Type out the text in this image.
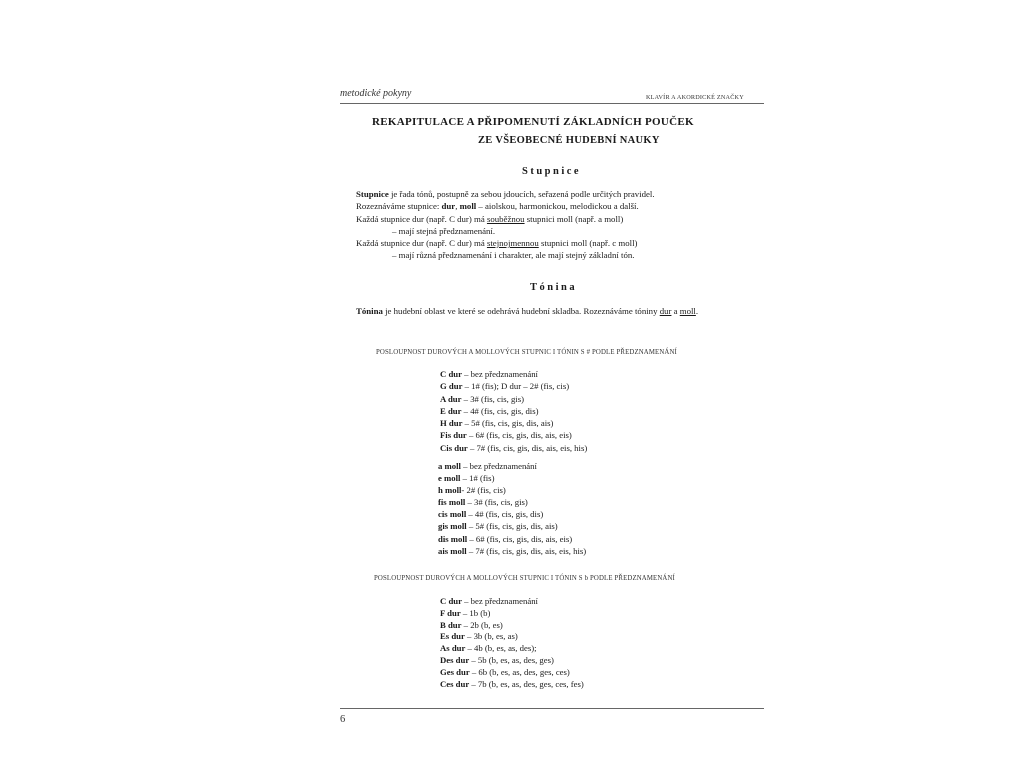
metodické pokyny	KLAVÍR A AKORDICKÉ ZNAČKY
REKAPITULACE A PŘIPOMENUTÍ ZÁKLADNÍCH POUČEK
ZE VŠEOBECNÉ HUDEBNÍ NAUKY
Stupnice
Stupnice je řada tónů, postupně za sebou jdoucích, seřazená podle určitých pravidel.
Rozeznáváme stupnice: dur, moll – aiolskou, harmonickou, melodickou a další.
Každá stupnice dur (např. C dur) má souběžnou stupnici moll (např. a moll)
– mají stejná předznamenání.
Každá stupnice dur (např. C dur) má stejnojmennou stupnici moll (např. c moll)
– mají různá předznamenání i charakter, ale mají stejný základní tón.
Tónina
Tónina je hudební oblast ve které se odehrává hudební skladba. Rozeznáváme tóniny dur a moll.
POSLOUPNOST DUROVÝCH A MOLLOVÝCH STUPNIC I TÓNIN S # PODLE PŘEDZNAMENÁNÍ
C dur – bez předznamenání
G dur – 1# (fis); D dur – 2# (fis, cis)
A dur – 3# (fis, cis, gis)
E dur – 4# (fis, cis, gis, dis)
H dur – 5# (fis, cis, gis, dis, ais)
Fis dur – 6# (fis, cis, gis, dis, ais, eis)
Cis dur – 7# (fis, cis, gis, dis, ais, eis, his)
a moll – bez předznamenání
e moll – 1# (fis)
h moll- 2# (fis, cis)
fis moll – 3# (fis, cis, gis)
cis moll – 4# (fis, cis, gis, dis)
gis moll – 5# (fis, cis, gis, dis, ais)
dis moll – 6# (fis, cis, gis, dis, ais, eis)
ais moll – 7# (fis, cis, gis, dis, ais, eis, his)
POSLOUPNOST DUROVÝCH A MOLLOVÝCH STUPNIC I TÓNIN S b PODLE PŘEDZNAMENÁNÍ
C dur – bez předznamenání
F dur – 1b (b)
B dur – 2b (b, es)
Es dur – 3b (b, es, as)
As dur – 4b (b, es, as, des);
Des dur – 5b (b, es, as, des, ges)
Ges dur – 6b (b, es, as, des, ges, ces)
Ces dur – 7b (b, es, as, des, ges, ces, fes)
6
